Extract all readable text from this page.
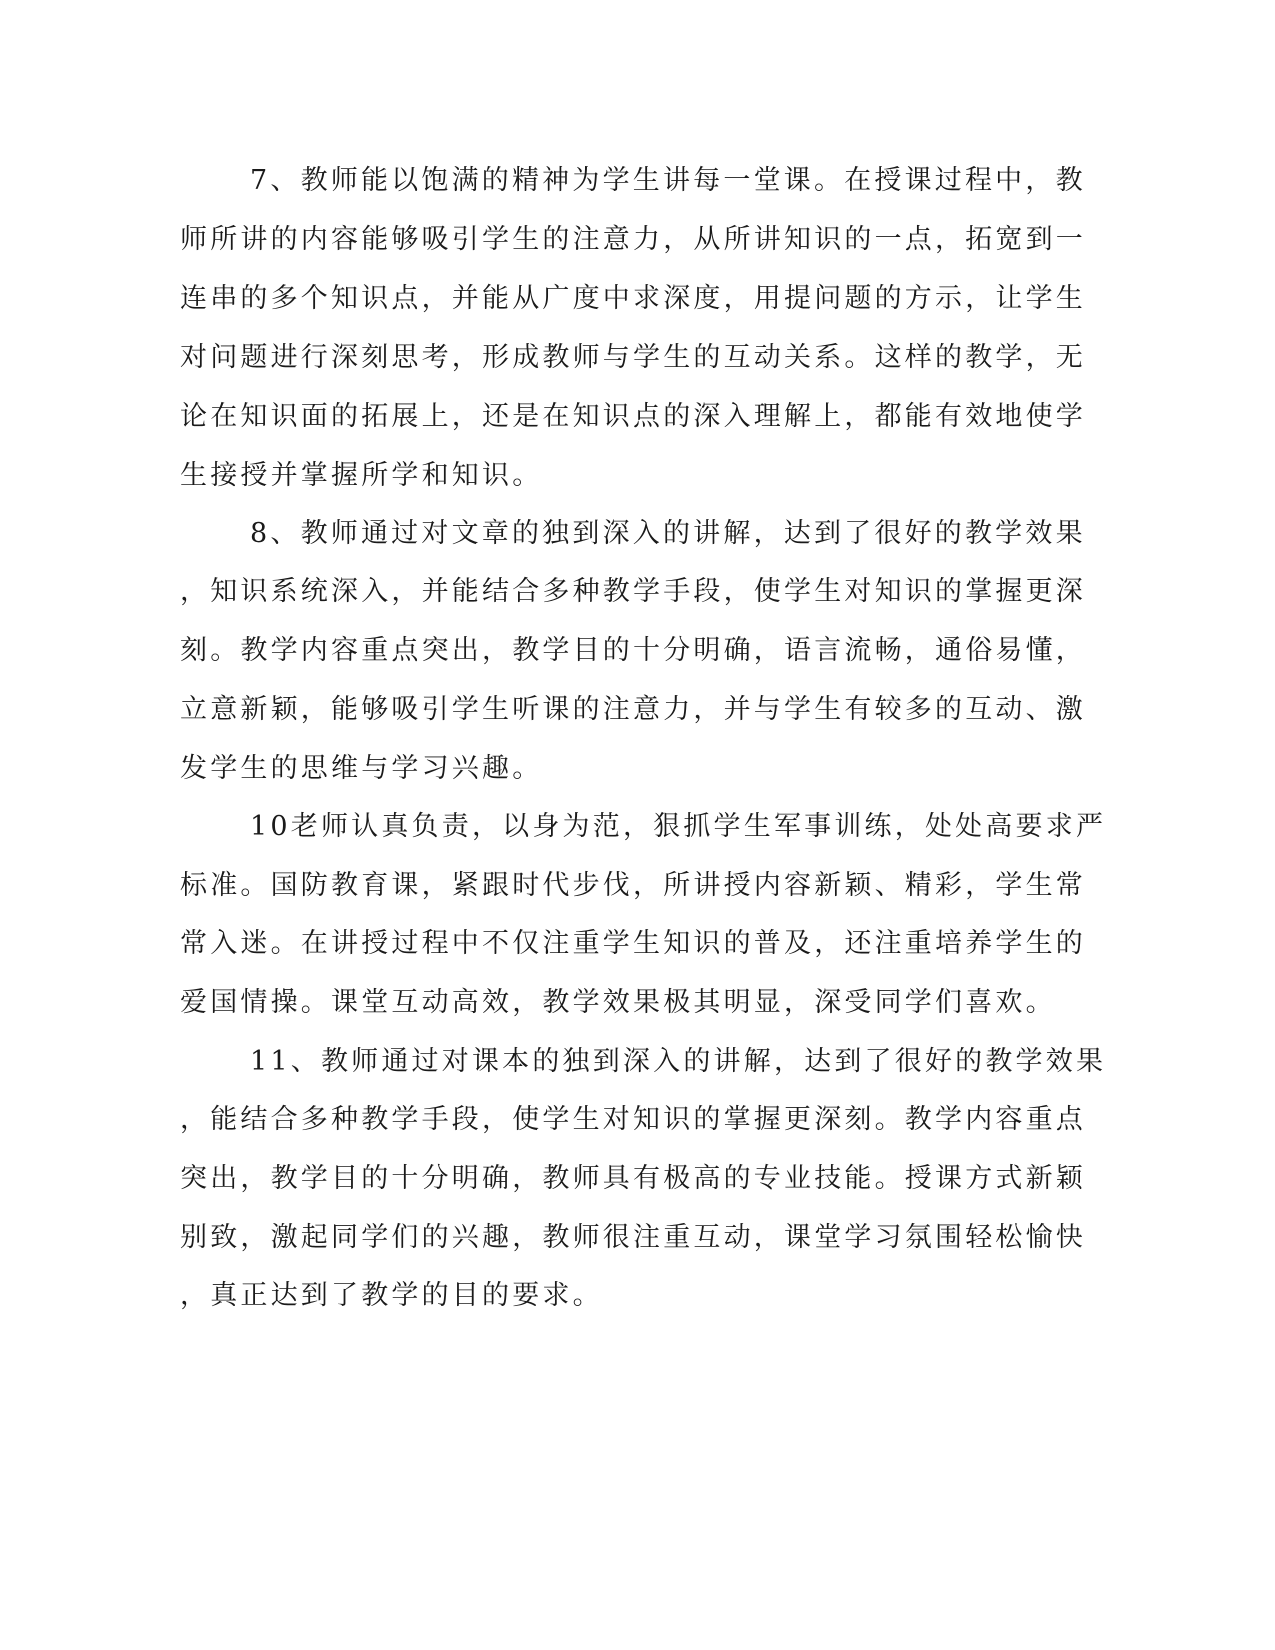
7、教师能以饱满的精神为学生讲每一堂课。在授课过程中，教

师所讲的内容能够吸引学生的注意力，从所讲知识的一点，拓宽到一

连串的多个知识点，并能从广度中求深度，用提问题的方示，让学生

对问题进行深刻思考，形成教师与学生的互动关系。这样的教学，无

论在知识面的拓展上，还是在知识点的深入理解上，都能有效地使学

生接授并掌握所学和知识。

8、教师通过对文章的独到深入的讲解，达到了很好的教学效果

，知识系统深入，并能结合多种教学手段，使学生对知识的掌握更深

刻。教学内容重点突出，教学目的十分明确，语言流畅，通俗易懂，

立意新颖，能够吸引学生听课的注意力，并与学生有较多的互动、激

发学生的思维与学习兴趣。

10老师认真负责，以身为范，狠抓学生军事训练，处处高要求严

标准。国防教育课，紧跟时代步伐，所讲授内容新颖、精彩，学生常

常入迷。在讲授过程中不仅注重学生知识的普及，还注重培养学生的

爱国情操。课堂互动高效，教学效果极其明显，深受同学们喜欢。

11、教师通过对课本的独到深入的讲解，达到了很好的教学效果

，能结合多种教学手段，使学生对知识的掌握更深刻。教学内容重点

突出，教学目的十分明确，教师具有极高的专业技能。授课方式新颖

别致，激起同学们的兴趣，教师很注重互动，课堂学习氛围轻松愉快

，真正达到了教学的目的要求。
